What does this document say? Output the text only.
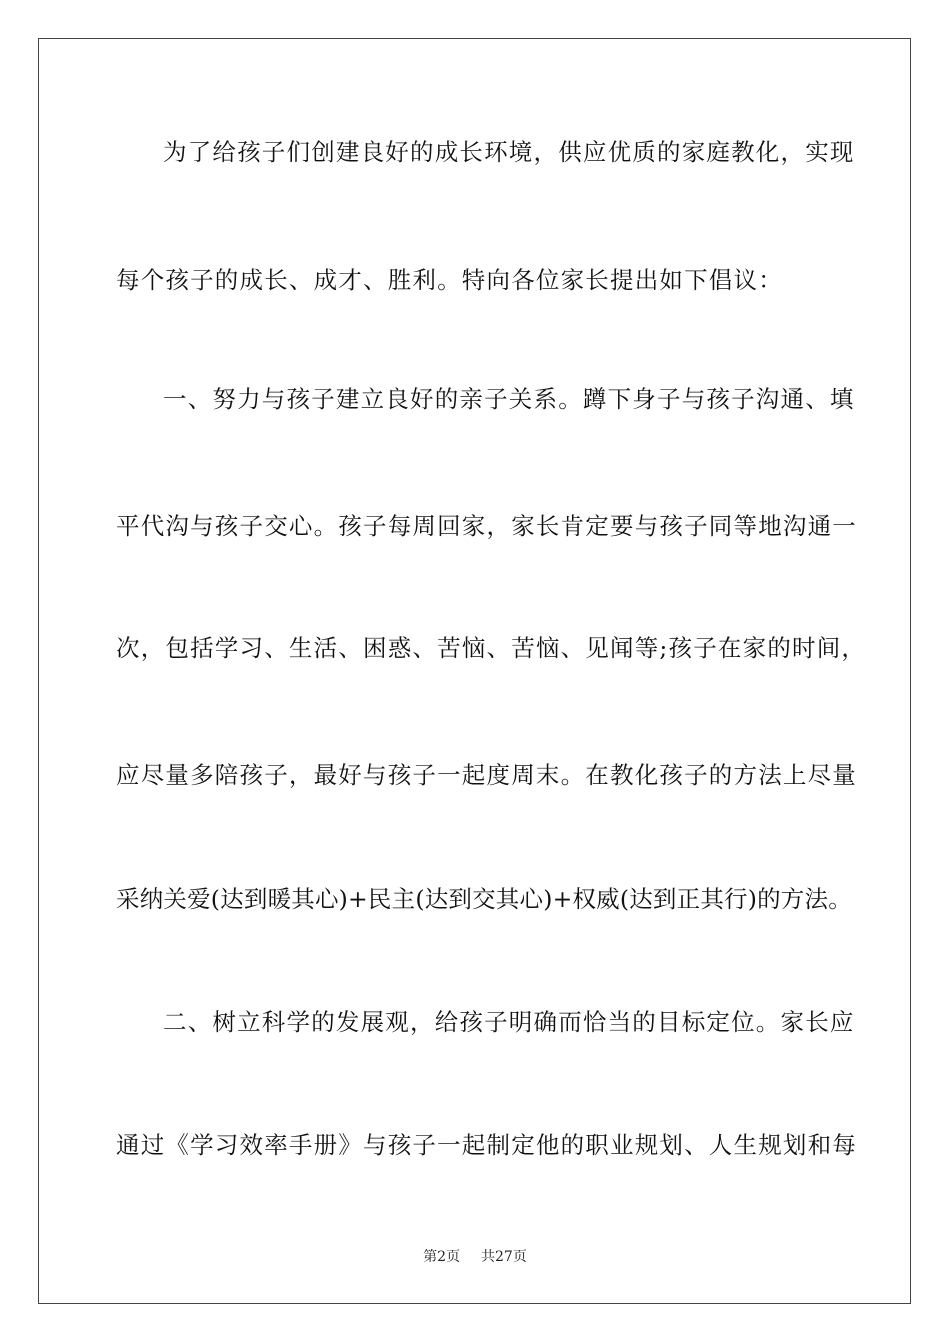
为了给孩子们创建良好的成长环境，供应优质的家庭教化，实现
每个孩子的成长、成才、胜利。特向各位家长提出如下倡议：
一、努力与孩子建立良好的亲子关系。蹲下身子与孩子沟通、填
平代沟与孩子交心。孩子每周回家，家长肯定要与孩子同等地沟通一
次，包括学习、生活、困惑、苦恼、苦恼、见闻等;孩子在家的时间，
应尽量多陪孩子，最好与孩子一起度周末。在教化孩子的方法上尽量
采纳关爱(达到暖其心)+民主(达到交其心)+权威(达到正其行)的方法。
二、树立科学的发展观，给孩子明确而恰当的目标定位。家长应
通过《学习效率手册》与孩子一起制定他的职业规划、人生规划和每
第2页 共27页
